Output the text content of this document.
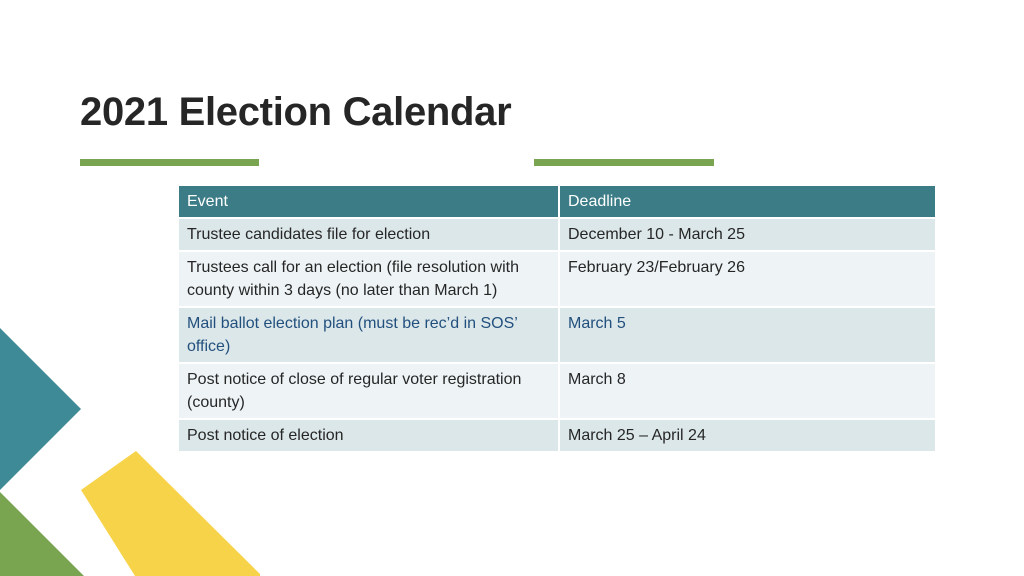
2021 Election Calendar
Event	Deadline
Trustee candidates file for election	December 10 - March 25
Trustees call for an election (file resolution with county within 3 days (no later than March 1)	February 23/February 26
Mail ballot election plan (must be rec’d in SOS’ office)	March 5
Post notice of close of regular voter registration (county)	March 8
Post notice of election	March 25 – April 24
